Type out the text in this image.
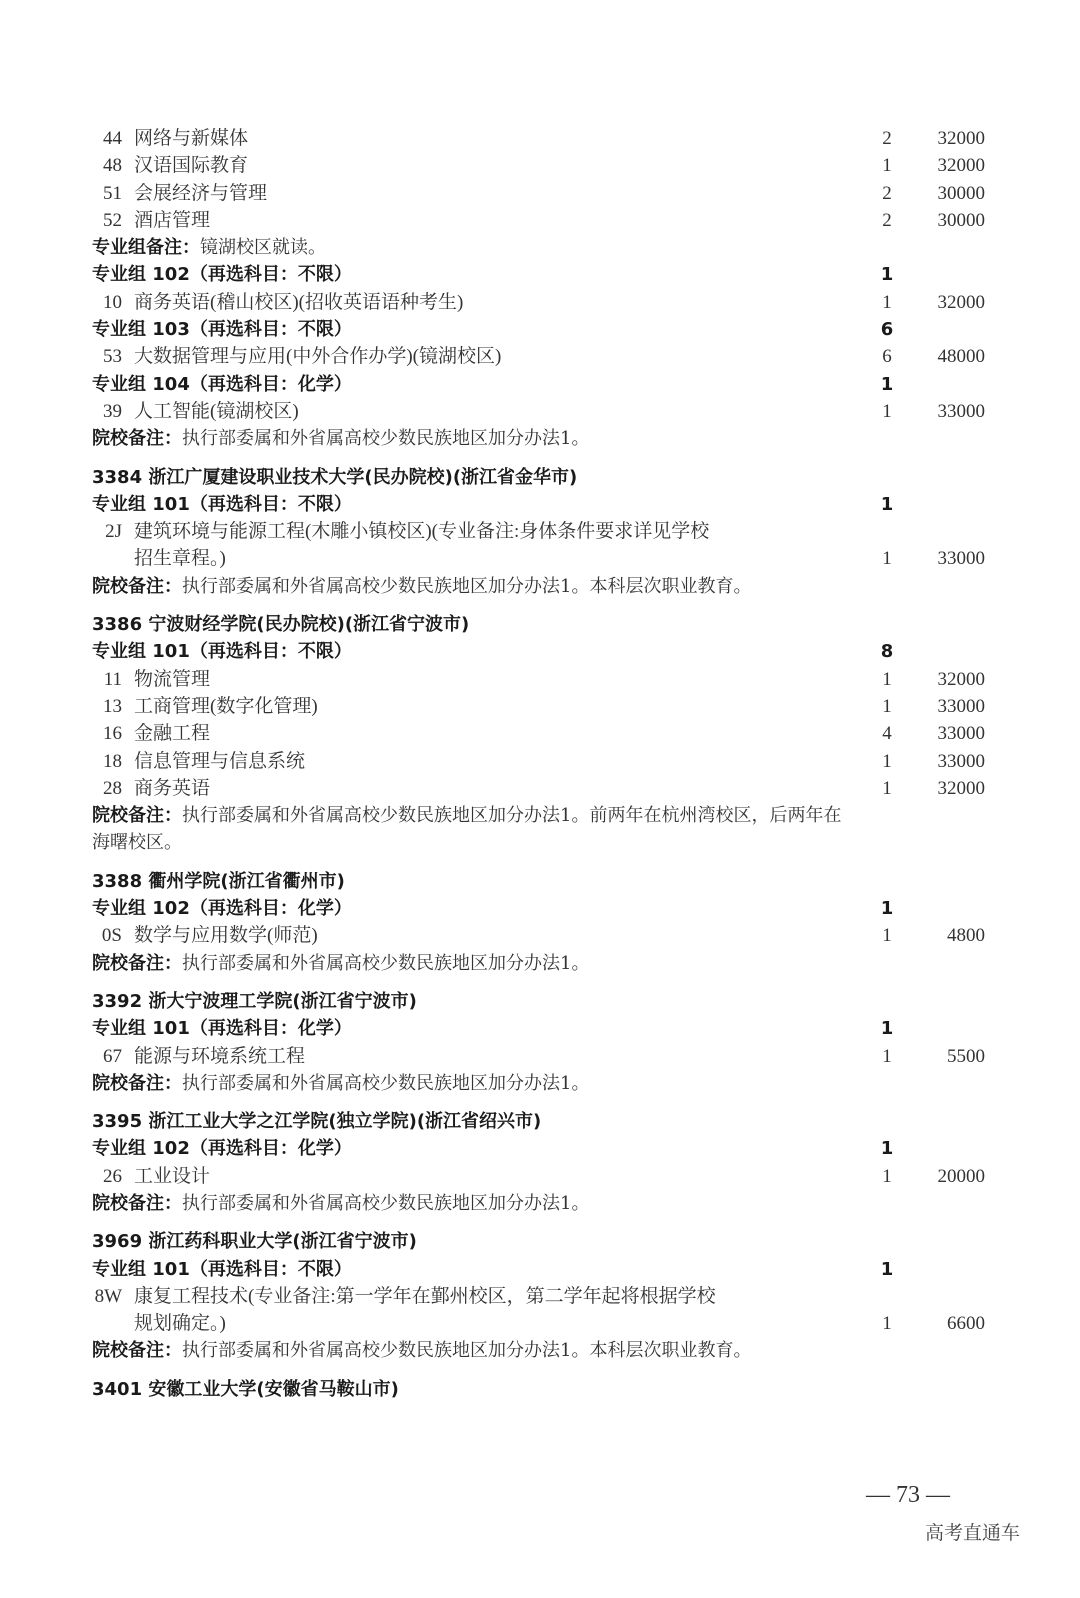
44 网络与新媒体	2 32000
48 汉语国际教育	1 32000
51 会展经济与管理	2 30000
52 酒店管理	2 30000
专业组备注：镜湖校区就读。
专业组 102（再选科目：不限）	1
10 商务英语(稽山校区)(招收英语语种考生)	1 32000
专业组 103（再选科目：不限）	6
53 大数据管理与应用(中外合作办学)(镜湖校区)	6 48000
专业组 104（再选科目：化学）	1
39 人工智能(镜湖校区)	1 33000
院校备注：执行部委属和外省属高校少数民族地区加分办法1。
3384 浙江广厦建设职业技术大学(民办院校)(浙江省金华市)
专业组 101（再选科目：不限）	1
2J 建筑环境与能源工程(木雕小镇校区)(专业备注:身体条件要求详见学校
招生章程。)	1 33000
院校备注：执行部委属和外省属高校少数民族地区加分办法1。本科层次职业教育。
3386 宁波财经学院(民办院校)(浙江省宁波市)
专业组 101（再选科目：不限）	8
11 物流管理	1 32000
13 工商管理(数字化管理)	1 33000
16 金融工程	4 33000
18 信息管理与信息系统	1 33000
28 商务英语	1 32000
院校备注：执行部委属和外省属高校少数民族地区加分办法1。前两年在杭州湾校区，后两年在
海曙校区。
3388 衢州学院(浙江省衢州市)
专业组 102（再选科目：化学）	1
0S 数学与应用数学(师范)	1	4800
院校备注：执行部委属和外省属高校少数民族地区加分办法1。
3392 浙大宁波理工学院(浙江省宁波市)
专业组 101（再选科目：化学）	1
67 能源与环境系统工程	1	5500
院校备注：执行部委属和外省属高校少数民族地区加分办法1。
3395 浙江工业大学之江学院(独立学院)(浙江省绍兴市)
专业组 102（再选科目：化学）	1
26 工业设计	1 20000
院校备注：执行部委属和外省属高校少数民族地区加分办法1。
3969 浙江药科职业大学(浙江省宁波市)
专业组 101（再选科目：不限）	1
8W 康复工程技术(专业备注:第一学年在鄞州校区，第二学年起将根据学校
规划确定。)	1	6600
院校备注：执行部委属和外省属高校少数民族地区加分办法1。本科层次职业教育。
3401 安徽工业大学(安徽省马鞍山市)
— 73 —
高考直通车
